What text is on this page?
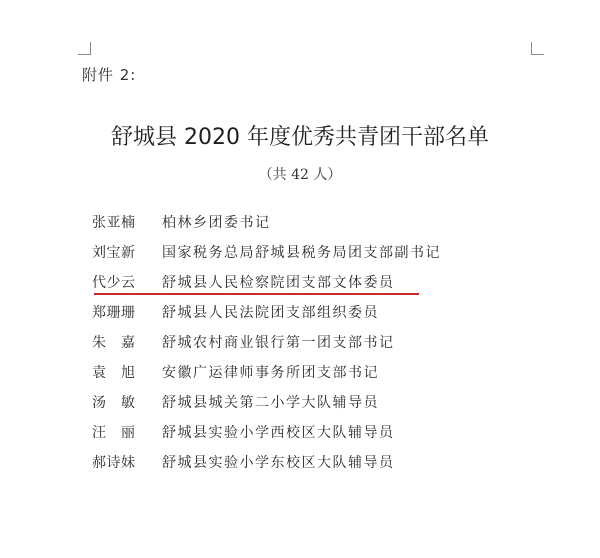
附件 2:
舒城县 2020 年度优秀共青团干部名单
（共 42 人）
张亚楠	柏林乡团委书记
刘宝新	国家税务总局舒城县税务局团支部副书记
代少云	舒城县人民检察院团支部文体委员
郑珊珊	舒城县人民法院团支部组织委员
朱　嘉	舒城农村商业银行第一团支部书记
袁　旭	安徽广运律师事务所团支部书记
汤　敏	舒城县城关第二小学大队辅导员
汪　丽	舒城县实验小学西校区大队辅导员
郝诗妹	舒城县实验小学东校区大队辅导员
